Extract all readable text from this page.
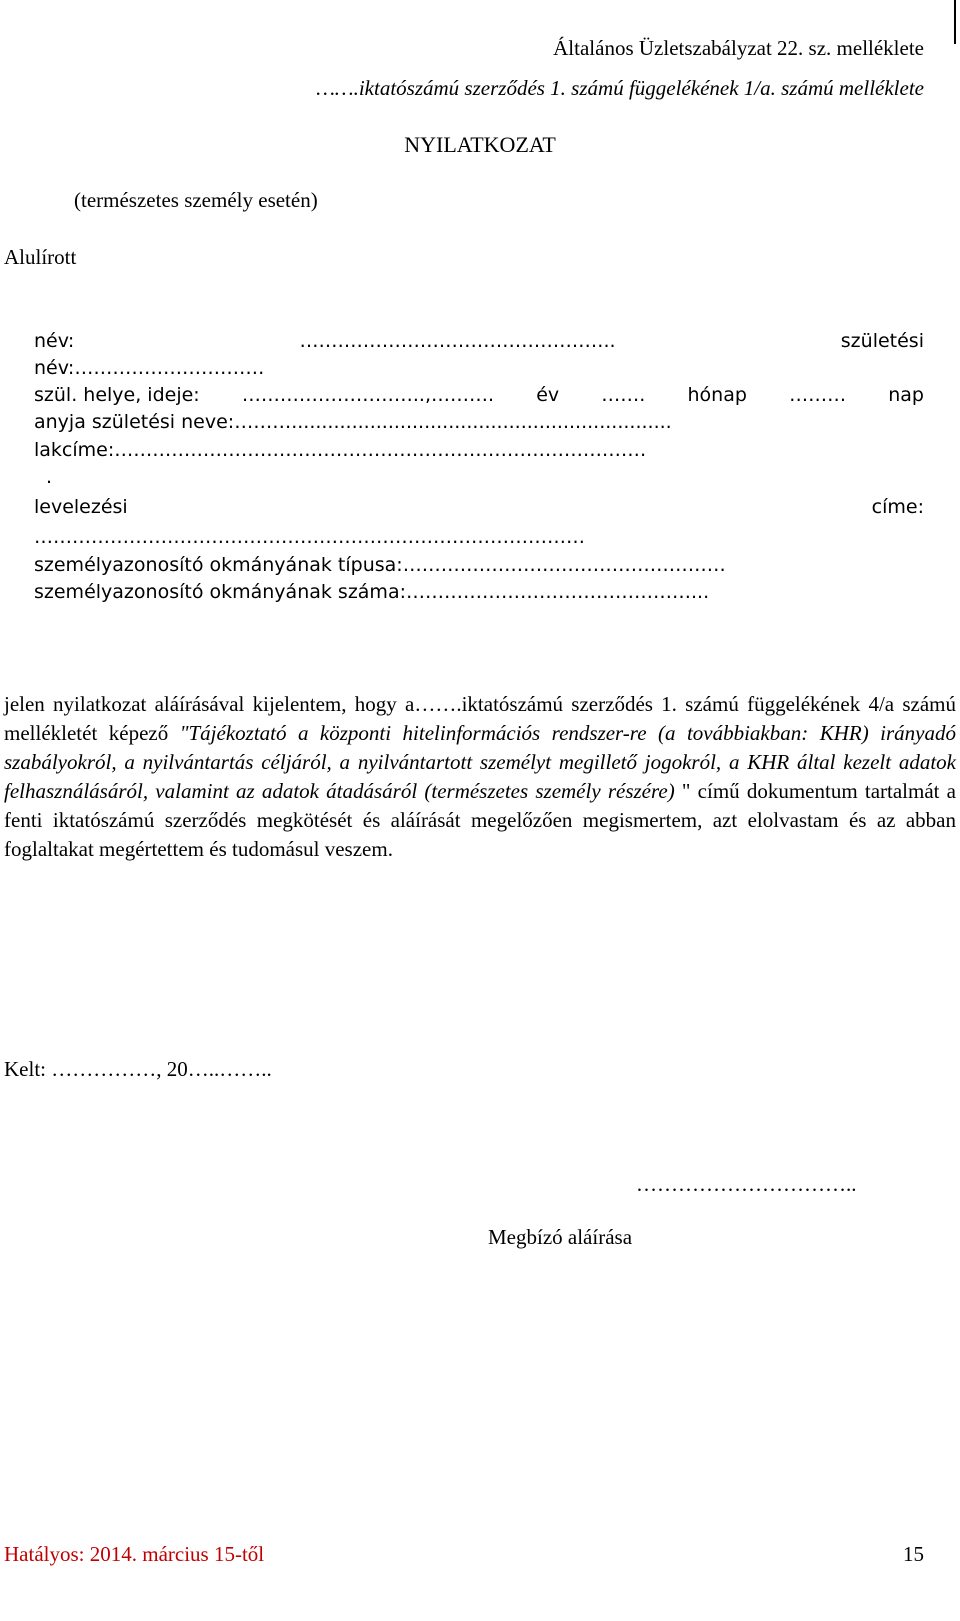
Általános Üzletszabályzat 22. sz. melléklete
…….iktatószámú szerződés 1. számú függelékének 1/a. számú melléklete
NYILATKOZAT
(természetes személy esetén)
Alulírott
név:	…………………………………………..	születési
név:…………………………
szül. helye, ideje: ………………………..,………. év ……. hónap ……… nap
anyja születési neve:………...............................................................
lakcíme:…………………………………………………………………………
.
levelezési	címe:
……………………………………………………………………………
személyazonosító okmányának típusa:……………………………………………
személyazonosító okmányának száma:………………………………………...
jelen nyilatkozat aláírásával kijelentem, hogy a…….iktatószámú szerződés 1. számú függelékének 4/a számú mellékletét képező "Tájékoztató a központi hitelinformációs rendszer-re (a továbbiakban: KHR) irányadó szabályokról, a nyilvántartás céljáról, a nyilvántartott személyt megillető jogokról, a KHR által kezelt adatok felhasználásáról, valamint az adatok átadásáról (természetes személy részére) " című dokumentum tartalmát a fenti iktatószámú szerződés megkötését és aláírását megelőzően megismertem, azt elolvastam és az abban foglaltakat megértettem és tudomásul veszem.
Kelt: ……………, 20…..……..
…………………………..
Megbízó aláírása
Hatályos: 2014. március 15-től	15
